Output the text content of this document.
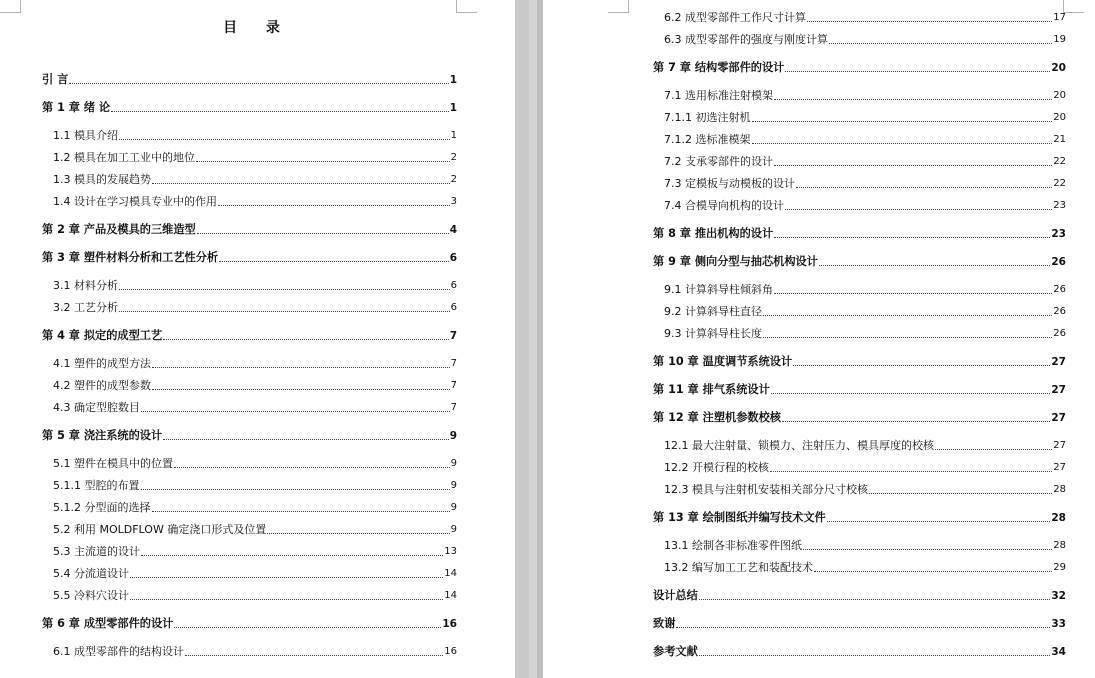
目 录
引 言	1
第 1 章 绪 论	1
1.1 模具介绍	1
1.2 模具在加工工业中的地位	2
1.3 模具的发展趋势	2
1.4 设计在学习模具专业中的作用	3
第 2 章 产品及模具的三维造型	4
第 3 章 塑件材料分析和工艺性分析	6
3.1 材料分析	6
3.2 工艺分析	6
第 4 章 拟定的成型工艺	7
4.1 塑件的成型方法	7
4.2 塑件的成型参数	7
4.3 确定型腔数目	7
第 5 章 浇注系统的设计	9
5.1 塑件在模具中的位置	9
5.1.1 型腔的布置	9
5.1.2 分型面的选择	9
5.2 利用 MOLDFLOW 确定浇口形式及位置	9
5.3 主流道的设计	13
5.4 分流道设计	14
5.5 冷料穴设计	14
第 6 章 成型零部件的设计	16
6.1 成型零部件的结构设计	16
6.2 成型零部件工作尺寸计算	17
6.3 成型零部件的强度与刚度计算	19
第 7 章 结构零部件的设计	20
7.1 选用标准注射模架	20
7.1.1 初选注射机	20
7.1.2 选标准模架	21
7.2 支承零部件的设计	22
7.3 定模板与动模板的设计	22
7.4 合模导向机构的设计	23
第 8 章 推出机构的设计	23
第 9 章 侧向分型与抽芯机构设计	26
9.1 计算斜导柱倾斜角	26
9.2 计算斜导柱直径	26
9.3 计算斜导柱长度	26
第 10 章 温度调节系统设计	27
第 11 章 排气系统设计	27
第 12 章 注塑机参数校核	27
12.1 最大注射量、锁模力、注射压力、模具厚度的校核	27
12.2 开模行程的校核	27
12.3 模具与注射机安装相关部分尺寸校核	28
第 13 章 绘制图纸并编写技术文件	28
13.1 绘制各非标准零件图纸	28
13.2 编写加工工艺和装配技术	29
设计总结	32
致谢	33
参考文献	34
